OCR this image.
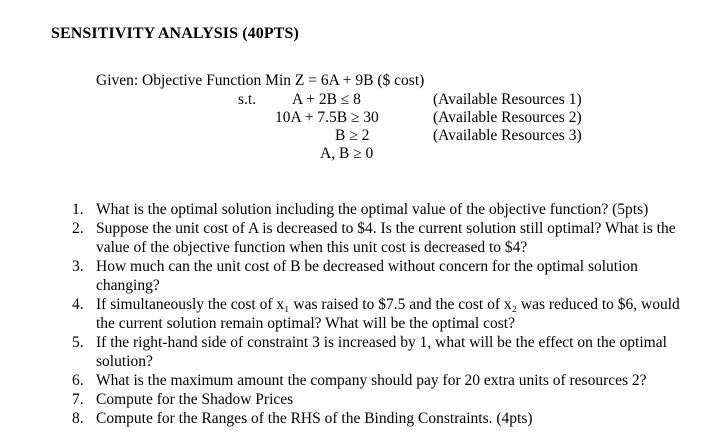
SENSITIVITY ANALYSIS (40PTS)
Given: Objective Function Min Z = 6A + 9B ($ cost)
s.t. A + 2B ≤ 8
10A + 7.5B ≥ 30
B ≥ 2
A, B ≥ 0
(Available Resources 1)
(Available Resources 2)
(Available Resources 3)
1. What is the optimal solution including the optimal value of the objective function? (5pts)
2. Suppose the unit cost of A is decreased to $4. Is the current solution still optimal? What is the value of the objective function when this unit cost is decreased to $4?
3. How much can the unit cost of B be decreased without concern for the optimal solution changing?
4. If simultaneously the cost of x₁ was raised to $7.5 and the cost of x₂ was reduced to $6, would the current solution remain optimal? What will be the optimal cost?
5. If the right-hand side of constraint 3 is increased by 1, what will be the effect on the optimal solution?
6. What is the maximum amount the company should pay for 20 extra units of resources 2?
7. Compute for the Shadow Prices
8. Compute for the Ranges of the RHS of the Binding Constraints. (4pts)
